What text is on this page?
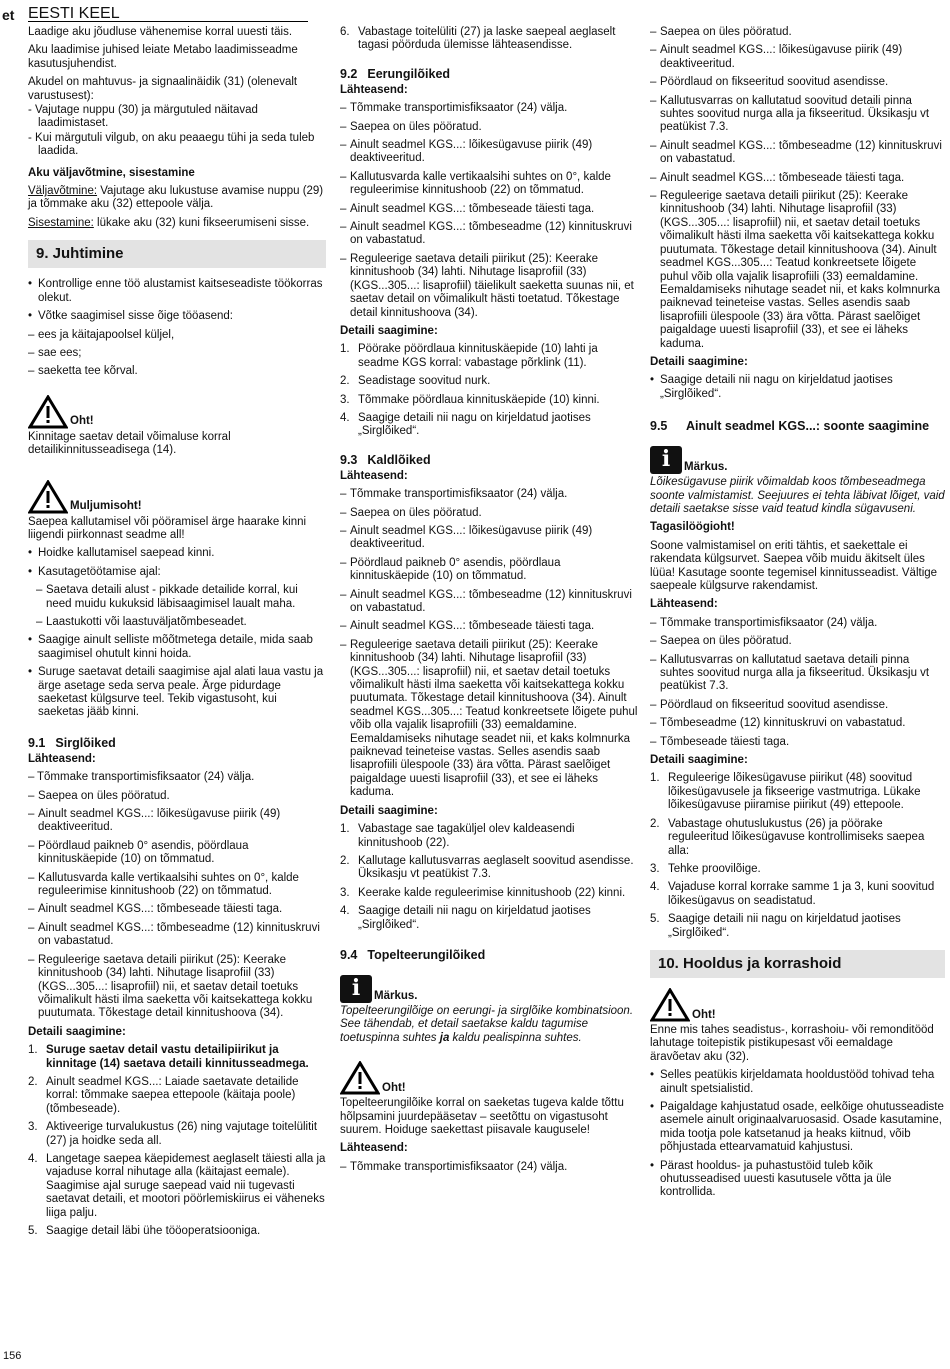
et EESTI KEEL
156

Laadige aku jõudluse vähenemise korral uuesti täis.

Aku laadimise juhised leiate Metabo laadimisseadme kasutusjuhendist.

Akudel on mahtuvus- ja signaalinäidik (31) (olenevalt varustusest):

- Vajutage nuppu (30) ja märgutuled näitavad laadimistaset.

- Kui märgutuli vilgub, on aku peaaegu tühi ja seda tuleb laadida.

Aku väljavõtmine, sisestamine

Väljavõtmine: Vajutage aku lukustuse avamise nuppu (29) ja tõmmake aku (32) ettepoole välja.

Sisestamine: lükake aku (32) kuni fikseerumiseni sisse.

9. Juhtimine
• Kontrollige enne töö alustamist kaitseseadiste töökorras olekut.
• Võtke saagimisel sisse õige tööasend:
– ees ja käitajapoolsel küljel,
– sae ees;
– saeketta tee kõrval.
Oht!

Kinnitage saetav detail võimaluse korral detailikinnitusseadisega (14).

Muljumisoht!

Saepea kallutamisel või pööramisel ärge haarake kinni liigendi piirkonnast seadme all!

• Hoidke kallutamisel saepead kinni.
• Kasutagetöötamise ajal:
– Saetava detaili alust - pikkade detailide korral, kui need muidu kukuksid läbisaagimisel laualt maha.
– Laastukotti või laastuväljatõmbeseadet.
• Saagige ainult selliste mõõtmetega detaile, mida saab saagimisel ohutult kinni hoida.
• Suruge saetavat detaili saagimise ajal alati laua vastu ja ärge asetage seda serva peale. Ärge pidurdage saeketast külgsurve teel. Tekib vigastusoht, kui saeketas jääb kinni.
9.1 Sirglõiked

Lähteasend:

– Tõmmake transportimisfiksaator (24) välja.
– Saepea on üles pööratud.
– Ainult seadmel KGS...: lõikesügavuse piirik (49) deaktiveeritud.
– Pöördlaud paikneb 0° asendis, pöördlaua kinnituskäepide (10) on tõmmatud.
– Kallutusvarda kalle vertikaalsihi suhtes on 0°, kalde reguleerimise kinnitushoob (22) on tõmmatud.
– Ainult seadmel KGS...: tõmbeseade täiesti taga.
– Ainult seadmel KGS...: tõmbeseadme (12) kinnituskruvi on vabastatud.
– Reguleerige saetava detaili piirikut (25): Keerake kinnitushoob (34) lahti. Nihutage lisaprofiil (33) (KGS...305...: lisaprofiil) nii, et saetav detail toetuks võimalikult hästi ilma saeketta või kaitsekattega kokku puutumata. Tõkestage detail kinnitushoova (34).

Detaili saagimine:

1. Suruge saetav detail vastu detailipiirikut ja kinnitage (14) saetava detaili kinnitusseadmega.
2. Ainult seadmel KGS...: Laiade saetavate detailide korral: tõmmake saepea ettepoole (käitaja poole) (tõmbeseade).
3. Aktiveerige turvalukustus (26) ning vajutage toitelülitit (27) ja hoidke seda all.
4. Langetage saepea käepidemest aeglaselt täiesti alla ja vajaduse korral nihutage alla (käitajast eemale). Saagimise ajal suruge saepead vaid nii tugevasti saetavat detaili, et mootori pöörlemiskiirus ei väheneks liiga palju.
5. Saagige detail läbi ühe tööoperatsiooniga.
6. Vabastage toitelüliti (27) ja laske saepeal aeglaselt tagasi pöörduda ülemisse lähteasendisse.
9.2 Eerungilõiked

Lähteasend:

– Tõmmake transportimisfiksaator (24) välja.
– Saepea on üles pööratud.
– Ainult seadmel KGS...: lõikesügavuse piirik (49) deaktiveeritud.
– Kallutusvarda kalle vertikaalsihi suhtes on 0°, kalde reguleerimise kinnitushoob (22) on tõmmatud.
– Ainult seadmel KGS...: tõmbeseade täiesti taga.
– Ainult seadmel KGS...: tõmbeseadme (12) kinnituskruvi on vabastatud.
– Reguleerige saetava detaili piirikut (25): Keerake kinnitushoob (34) lahti. Nihutage lisaprofiil (33) (KGS...305...: lisaprofiil) täielikult saeketta suunas nii, et saetav detail on võimalikult hästi toetatud. Tõkestage detail kinnitushoova (34).

Detaili saagimine:

1. Pöörake pöördlaua kinnituskäepide (10) lahti ja seadme KGS korral: vabastage põrklink (11).
2. Seadistage soovitud nurk.
3. Tõmmake pöördlaua kinnituskäepide (10) kinni.
4. Saagige detaili nii nagu on kirjeldatud jaotises „Sirglõiked“.
9.3 Kaldlõiked

Lähteasend:

– Tõmmake transportimisfiksaator (24) välja.
– Saepea on üles pööratud.
– Ainult seadmel KGS...: lõikesügavuse piirik (49) deaktiveeritud.
– Pöördlaud paikneb 0° asendis, pöördlaua kinnituskäepide (10) on tõmmatud.
– Ainult seadmel KGS...: tõmbeseadme (12) kinnituskruvi on vabastatud.
– Ainult seadmel KGS...: tõmbeseade täiesti taga.
– Reguleerige saetava detaili piirikut (25): Keerake kinnitushoob (34) lahti. Nihutage lisaprofiil (33) (KGS...305...: lisaprofiil) nii, et saetav detail toetuks võimalikult hästi ilma saeketta või kaitsekattega kokku puutumata. Tõkestage detail kinnitushoova (34). Ainult seadmel KGS...305...: Teatud konkreetsete lõigete puhul võib olla vajalik lisaprofiili (33) eemaldamine. Eemaldamiseks nihutage seadet nii, et kaks kolmnurka paiknevad teineteise vastas. Selles asendis saab lisaprofiili ülespoole (33) ära võtta. Pärast saelõiget paigaldage uuesti lisaprofiil (33), et see ei läheks kaduma.

Detaili saagimine:

1. Vabastage sae tagaküljel olev kaldeasendi kinnitushoob (22).
2. Kallutage kallutusvarras aeglaselt soovitud asendisse. Üksikasju vt peatükist 7.3.
3. Keerake kalde reguleerimise kinnitushoob (22) kinni.
4. Saagige detaili nii nagu on kirjeldatud jaotises „Sirglõiked“.
9.4 Topelteerungilõiked
i	Märkus.

Topelteerungilõige on eerungi- ja sirglõike kombinatsioon. See tähendab, et detail saetakse kaldu tagumise toetuspinna suhtes ja kaldu pealispinna suhtes.

Oht!

Topelteerungilõike korral on saeketas tugeva kalde tõttu hõlpsamini juurdepääsetav – seetõttu on vigastusoht suurem. Hoiduge saekettast piisavale kaugusele!

Lähteasend:

– Tõmmake transportimisfiksaator (24) välja.
– Saepea on üles pööratud.
– Ainult seadmel KGS...: lõikesügavuse piirik (49) deaktiveeritud.
– Pöördlaud on fikseeritud soovitud asendisse.
– Kallutusvarras on kallutatud soovitud detaili pinna suhtes soovitud nurga alla ja fikseeritud. Üksikasju vt peatükist 7.3.
– Ainult seadmel KGS...: tõmbeseadme (12) kinnituskruvi on vabastatud.
– Ainult seadmel KGS...: tõmbeseade täiesti taga.
– Reguleerige saetava detaili piirikut (25): Keerake kinnitushoob (34) lahti. Nihutage lisaprofiil (33) (KGS...305...: lisaprofiil) nii, et saetav detail toetuks võimalikult hästi ilma saeketta või kaitsekattega kokku puutumata. Tõkestage detail kinnitushoova (34). Ainult seadmel KGS...305...: Teatud konkreetsete lõigete puhul võib olla vajalik lisaprofiili (33) eemaldamine. Eemaldamiseks nihutage seadet nii, et kaks kolmnurka paiknevad teineteise vastas. Selles asendis saab lisaprofiili ülespoole (33) ära võtta. Pärast saelõiget paigaldage uuesti lisaprofiil (33), et see ei läheks kaduma.

Detaili saagimine:

• Saagige detaili nii nagu on kirjeldatud jaotises „Sirglõiked“.
9.5	Ainult seadmel KGS...: soonte saagimine
i	Märkus.

Lõikesügavuse piirik võimaldab koos tõmbeseadmega soonte valmistamist. Seejuures ei tehta läbivat lõiget, vaid detaili saetakse sisse vaid teatud kindla sügavuseni.

Tagasilöögioht!

Soone valmistamisel on eriti tähtis, et saekettale ei rakendata külgsurvet. Saepea võib muidu äkitselt üles lüüa! Kasutage soonte tegemisel kinnitusseadist. Vältige saepeale külgsurve rakendamist.

Lähteasend:

– Tõmmake transportimisfiksaator (24) välja.
– Saepea on üles pööratud.
– Kallutusvarras on kallutatud saetava detaili pinna suhtes soovitud nurga alla ja fikseeritud. Üksikasju vt peatükist 7.3.
– Pöördlaud on fikseeritud soovitud asendisse.
– Tõmbeseadme (12) kinnituskruvi on vabastatud.
– Tõmbeseade täiesti taga.

Detaili saagimine:

1. Reguleerige lõikesügavuse piirikut (48) soovitud lõikesügavusele ja fikseerige vastmutriga. Lükake lõikesügavuse piiramise piirikut (49) ettepoole.
2. Vabastage ohutuslukustus (26) ja pöörake reguleeritud lõikesügavuse kontrollimiseks saepea alla:
3. Tehke proovilõige.
4. Vajaduse korral korrake samme 1 ja 3, kuni soovitud lõikesügavus on seadistatud.
5. Saagige detaili nii nagu on kirjeldatud jaotises „Sirglõiked“.
10. Hooldus ja korrashoid
Oht!

Enne mis tahes seadistus-, korrashoiu- või remonditööd lahutage toitepistik pistikupesast või eemaldage äravõetav aku (32).

• Selles peatükis kirjeldamata hooldustööd tohivad teha ainult spetsialistid.
• Paigaldage kahjustatud osade, eelkõige ohutusseadiste asemele ainult originaalvaruosasid. Osade kasutamine, mida tootja pole katsetanud ja heaks kiitnud, võib põhjustada ettearvamatuid kahjustusi.
• Pärast hooldus- ja puhastustöid tuleb kõik ohutusseadised uuesti kasutusele võtta ja üle kontrollida.
